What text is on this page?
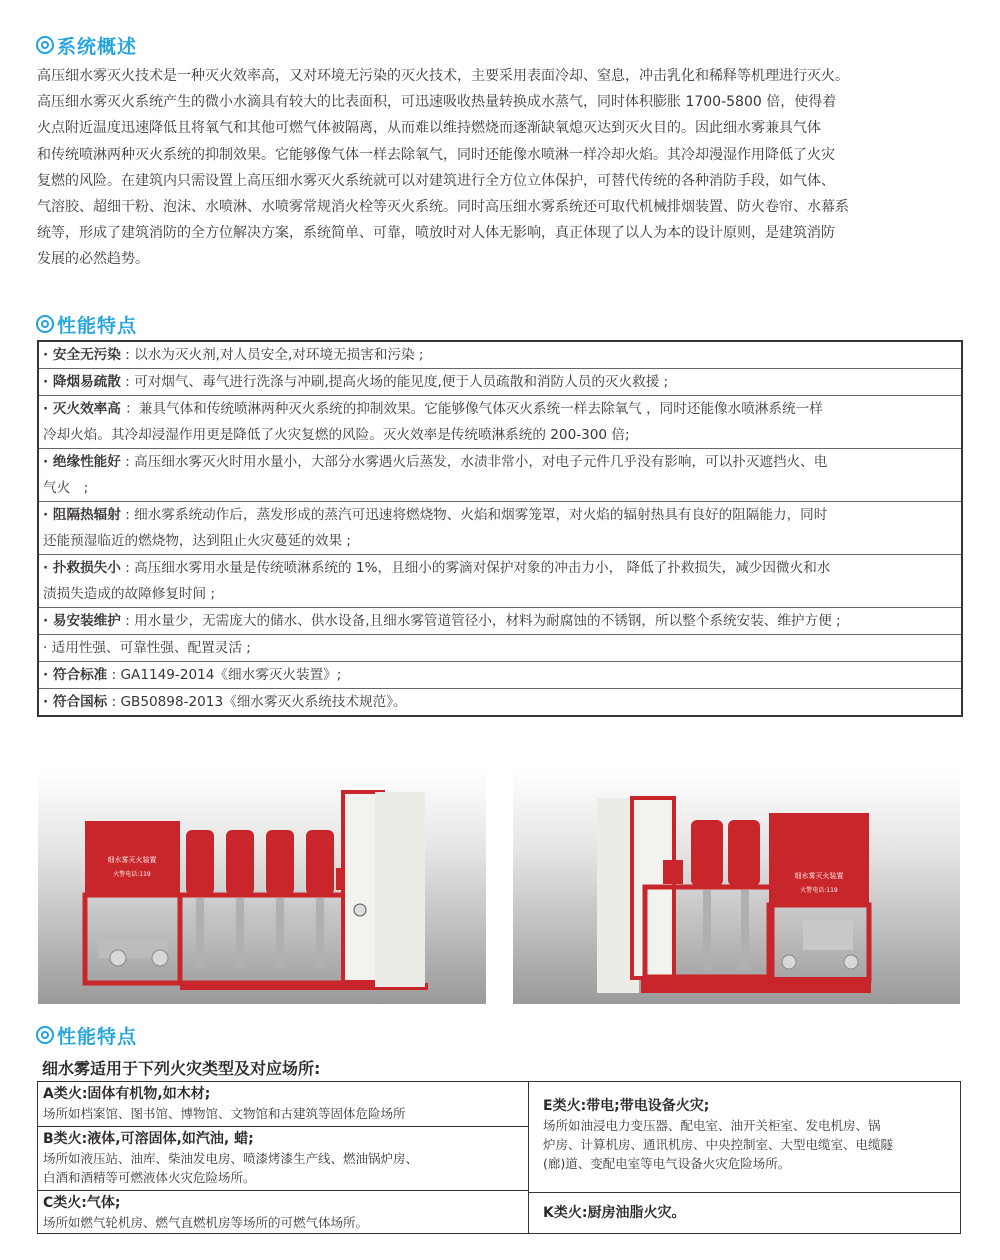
系统概述

高压细水雾灭火技术是一种灭火效率高，又对环境无污染的灭火技术，主要采用表面冷却、窒息，冲击乳化和稀释等机理进行灭火。

高压细水雾灭火系统产生的微小水滴具有较大的比表面积，可迅速吸收热量转换成水蒸气，同时体积膨胀 1700-5800 倍，使得着

火点附近温度迅速降低且将氧气和其他可燃气体被隔离，从而难以维持燃烧而逐渐缺氧熄灭达到灭火目的。因此细水雾兼具气体

和传统喷淋两种灭火系统的抑制效果。它能够像气体一样去除氧气，同时还能像水喷淋一样冷却火焰。其冷却漫湿作用降低了火灾

复燃的风险。在建筑内只需设置上高压细水雾灭火系统就可以对建筑进行全方位立体保护，可替代传统的各种消防手段，如气体、

气溶胶、超细干粉、泡沫、水喷淋、水喷雾常规消火栓等灭火系统。同时高压细水雾系统还可取代机械排烟装置、防火卷帘、水幕系

统等，形成了建筑消防的全方位解决方案，系统简单、可靠，喷放时对人体无影响，真正体现了以人为本的设计原则，是建筑消防

发展的必然趋势。

性能特点
· 安全无污染 : 以水为灭火剂,对人员安全,对环境无损害和污染 ;
· 降烟易疏散 : 可对烟气、毒气进行洗涤与冲刷,提高火场的能见度,便于人员疏散和消防人员的灭火救援 ;
· 灭火效率高 ：兼具气体和传统喷淋两种灭火系统的抑制效果。它能够像气体灭火系统一样去除氧气 ，同时还能像水喷淋系统一样
冷却火焰。其冷却浸湿作用更是降低了火灾复燃的风险。灭火效率是传统喷淋系统的 200-300 倍;
· 绝缘性能好 : 高压细水雾灭火时用水量小，大部分水雾遇火后蒸发，水渍非常小，对电子元件几乎没有影响，可以扑灭遮挡火、电
气火　;
· 阻隔热辐射 : 细水雾系统动作后，蒸发形成的蒸汽可迅速将燃烧物、火焰和烟雾笼罩，对火焰的辐射热具有良好的阻隔能力，同时
还能预湿临近的燃烧物，达到阻止火灾蔓延的效果 ;
· 扑救损失小 : 高压细水雾用水量是传统喷淋系统的 1%，且细小的雾滴对保护对象的冲击力小， 降低了扑救损失，减少因微火和水
渍损失造成的故障修复时间 ;
· 易安装维护 : 用水量少，无需庞大的储水、供水设备,且细水雾管道管径小，材料为耐腐蚀的不锈钢，所以整个系统安装、维护方便 ;
· 适用性强、可靠性强、配置灵活 ;
· 符合标准 : GA1149-2014《细水雾灭火装置》;
· 符合国标 : GB50898-2013《细水雾灭火系统技术规范》。
细水雾灭火装置
火警电话:119	细水雾灭火装置
火警电话:119
性能特点
细水雾适用于下列火灾类型及对应场所:
A类火:固体有机物,如木材;
场所如档案馆、图书馆、博物馆、文物馆和古建筑等固体危险场所
B类火:液体,可溶固体,如汽油, 蜡;
场所如液压站、油库、柴油发电房、喷漆烤漆生产线、燃油锅炉房、
白酒和酒精等可燃液体火灾危险场所。
C类火:气体;
场所如燃气轮机房、燃气直燃机房等场所的可燃气体场所。
E类火:带电;带电设备火灾;
场所如油浸电力变压器、配电室、油开关柜室、发电机房、锅
炉房、计算机房、通讯机房、中央控制室、大型电缆室、电缆隧
(廊)道、变配电室等电气设备火灾危险场所。
K类火:厨房油脂火灾。
